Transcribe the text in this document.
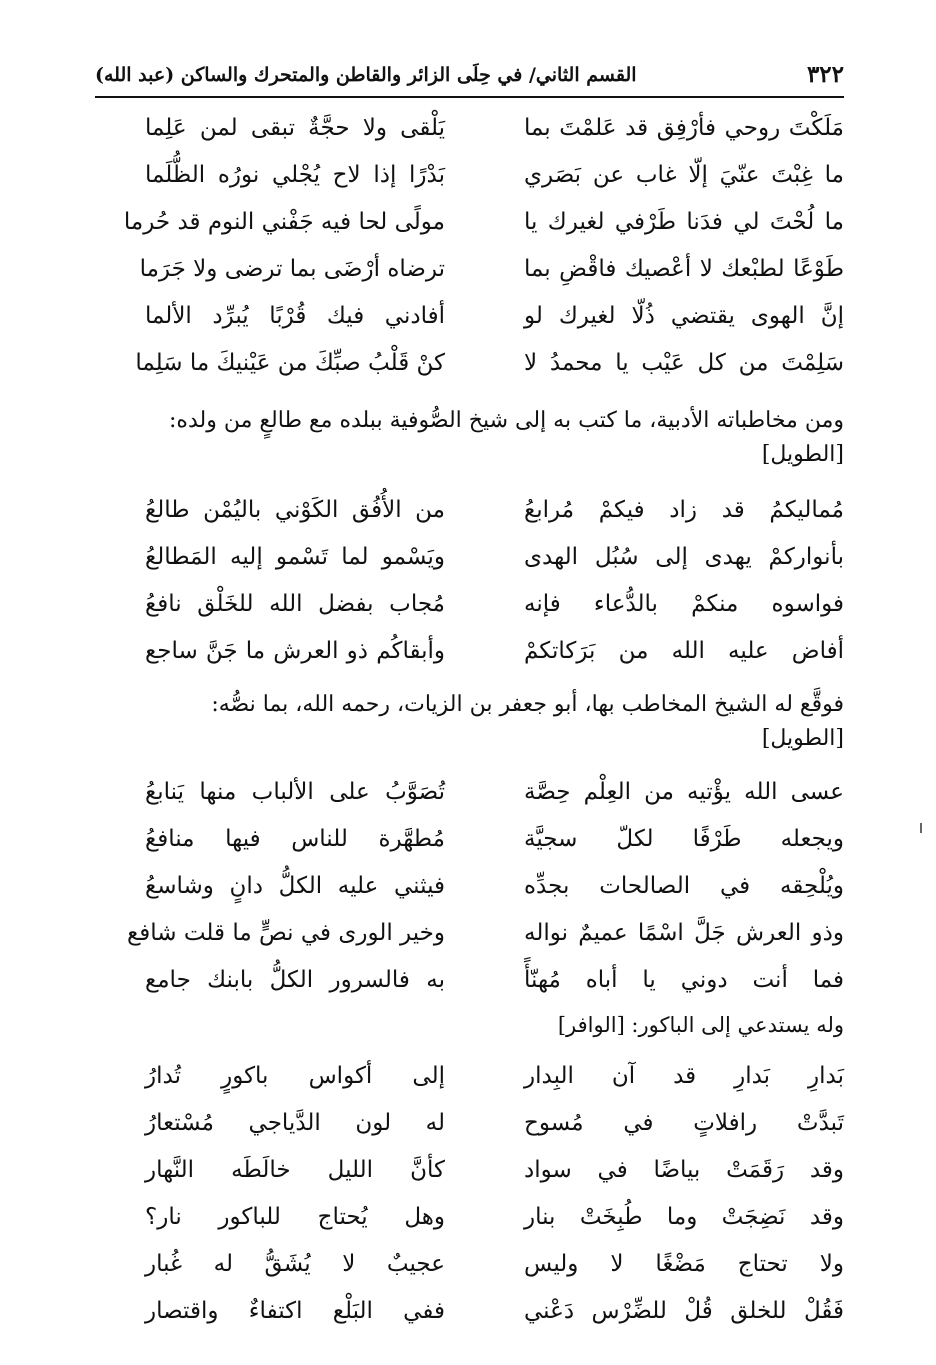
٣٢٢
القسم الثاني/ في حِلَى الزائر والقاطن والمتحرك والساكن (عبد الله)
مَلَكْتَ روحي فأرْفِق قد عَلمْتَ بما
يَلْقى ولا حجَّةٌ تبقى لمن عَلِما
ما غِبْتَ عنّيَ إلّا غاب عن بَصَري
بَدْرًا إذا لاح يُجْلي نورُه الظُّلَما
ما لُحْتَ لي فدَنا طَرْفي لغيرك يا
مولًى لحا فيه جَفْني النوم قد حُرما
طَوْعًا لطبْعك لا أعْصيك فاقْضِ بما
ترضاه أرْضَى بما ترضى ولا جَرَما
إنَّ الهوى يقتضي ذُلّا لغيرك لو
أفادني فيك قُرْبًا يُبرِّد الألما
سَلِمْتَ من كل عَيْب يا محمدُ لا
كنْ قَلْبُ صبِّكَ من عَيْنيكَ ما سَلِما
ومن مخاطباته الأدبية، ما كتب به إلى شيخ الصُّوفية ببلده مع طالعٍ من ولده:
[الطويل]
مُماليكمُ قد زاد فيكمْ مُرابعُ
من الأُفُق الكَوْني باليُمْن طالعُ
بأنواركمْ يهدى إلى سُبُل الهدى
ويَسْمو لما تَسْمو إليه المَطالعُ
فواسوه منكمْ بالدُّعاء فإنه
مُجاب بفضل الله للخَلْق نافعُ
أفاض عليه الله من بَرَكاتكمْ
وأبقاكُم ذو العرش ما جَنَّ ساجع
فوقَّع له الشيخ المخاطب بها، أبو جعفر بن الزيات، رحمه الله، بما نصُّه:
[الطويل]
عسى الله يؤْتيه من العِلْم حِصَّة
تُصَوَّبُ على الألباب منها يَنابعُ
ويجعله طَرْفًا لكلّ سجيَّة
مُطهَّرة للناس فيها منافعُ
ويُلْحِقه في الصالحات بجدِّه
فيثني عليه الكلُّ دانٍ وشاسعُ
وذو العرش جَلَّ اسْمًا عميمٌ نواله
وخير الورى في نصٍّ ما قلت شافع
فما أنت دوني يا أباه مُهنّأً
به فالسرور الكلُّ بابنك جامع
وله يستدعي إلى الباكور: [الوافر]
بَدارِ بَدارِ قد آن البِدار
إلى أكواس باكورٍ تُدارُ
تَبدَّتْ رافلاتٍ في مُسوح
له لون الدَّياجي مُسْتعارُ
وقد رَقَمَتْ بياضًا في سواد
كأنَّ الليل خالَطَه النَّهار
وقد نَضِجَتْ وما طُبِخَتْ بنار
وهل يُحتاج للباكور نار؟
ولا تحتاج مَضْغًا لا وليس
عجيبٌ لا يُشَقُّ له غُبار
فَقُلْ للخلق قُلْ للضِّرْس دَعْني
ففي البَلْع اكتفاءٌ واقتصار
